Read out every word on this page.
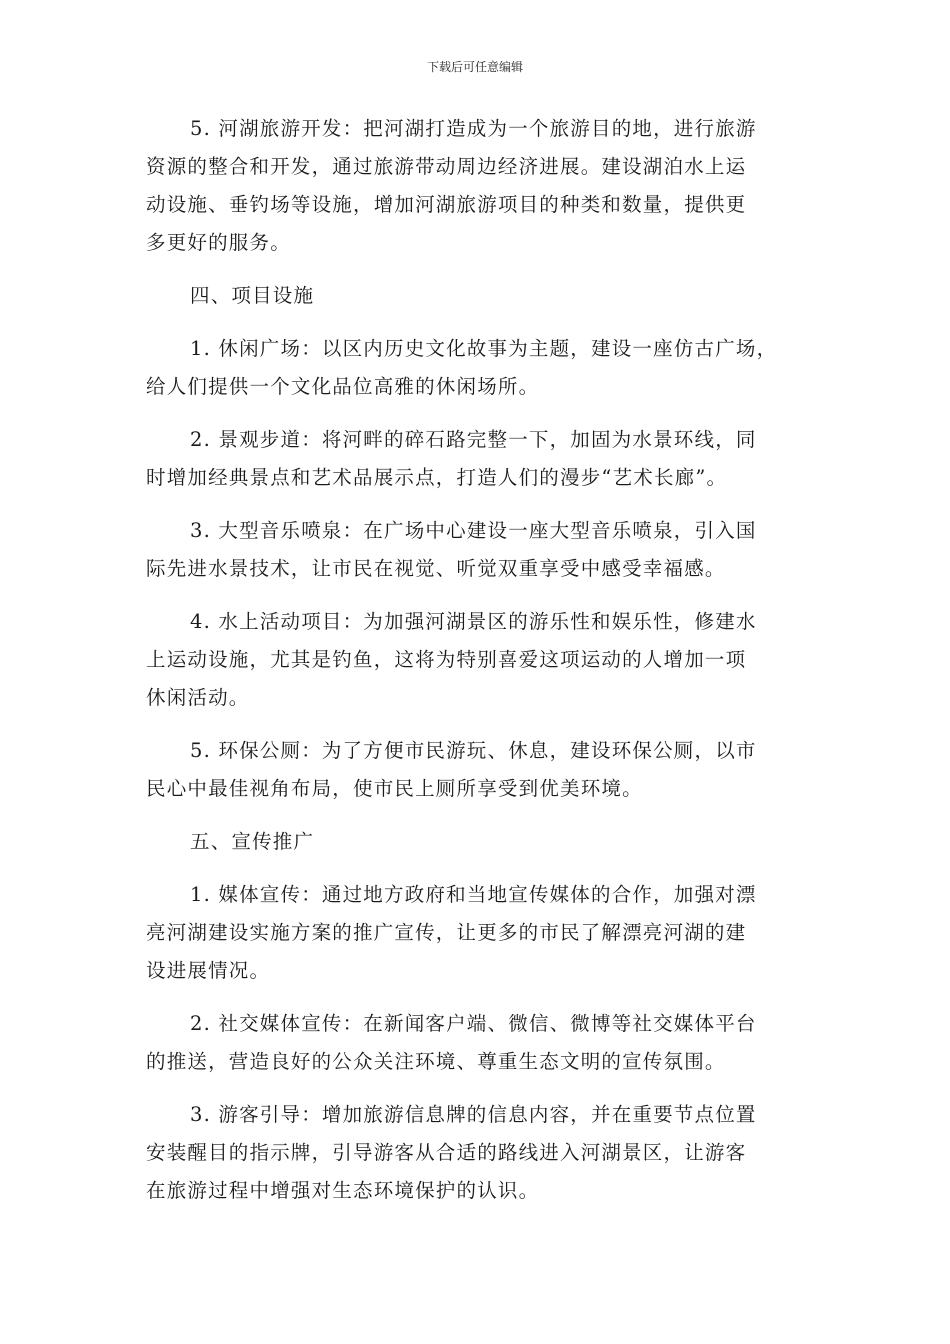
下载后可任意编辑

5. 河湖旅游开发：把河湖打造成为一个旅游目的地，进行旅游
资源的整合和开发，通过旅游带动周边经济进展。建设湖泊水上运
动设施、垂钓场等设施，增加河湖旅游项目的种类和数量，提供更
多更好的服务。

四、项目设施

1. 休闲广场：以区内历史文化故事为主题，建设一座仿古广场，
给人们提供一个文化品位高雅的休闲场所。

2. 景观步道：将河畔的碎石路完整一下，加固为水景环线，同
时增加经典景点和艺术品展示点，打造人们的漫步“艺术长廊”。

3. 大型音乐喷泉：在广场中心建设一座大型音乐喷泉，引入国
际先进水景技术，让市民在视觉、听觉双重享受中感受幸福感。

4. 水上活动项目：为加强河湖景区的游乐性和娱乐性，修建水
上运动设施，尤其是钓鱼，这将为特别喜爱这项运动的人增加一项
休闲活动。

5. 环保公厕：为了方便市民游玩、休息，建设环保公厕，以市
民心中最佳视角布局，使市民上厕所享受到优美环境。

五、宣传推广

1. 媒体宣传：通过地方政府和当地宣传媒体的合作，加强对漂
亮河湖建设实施方案的推广宣传，让更多的市民了解漂亮河湖的建
设进展情况。

2. 社交媒体宣传：在新闻客户端、微信、微博等社交媒体平台
的推送，营造良好的公众关注环境、尊重生态文明的宣传氛围。

3. 游客引导：增加旅游信息牌的信息内容，并在重要节点位置
安装醒目的指示牌，引导游客从合适的路线进入河湖景区，让游客
在旅游过程中增强对生态环境保护的认识。
